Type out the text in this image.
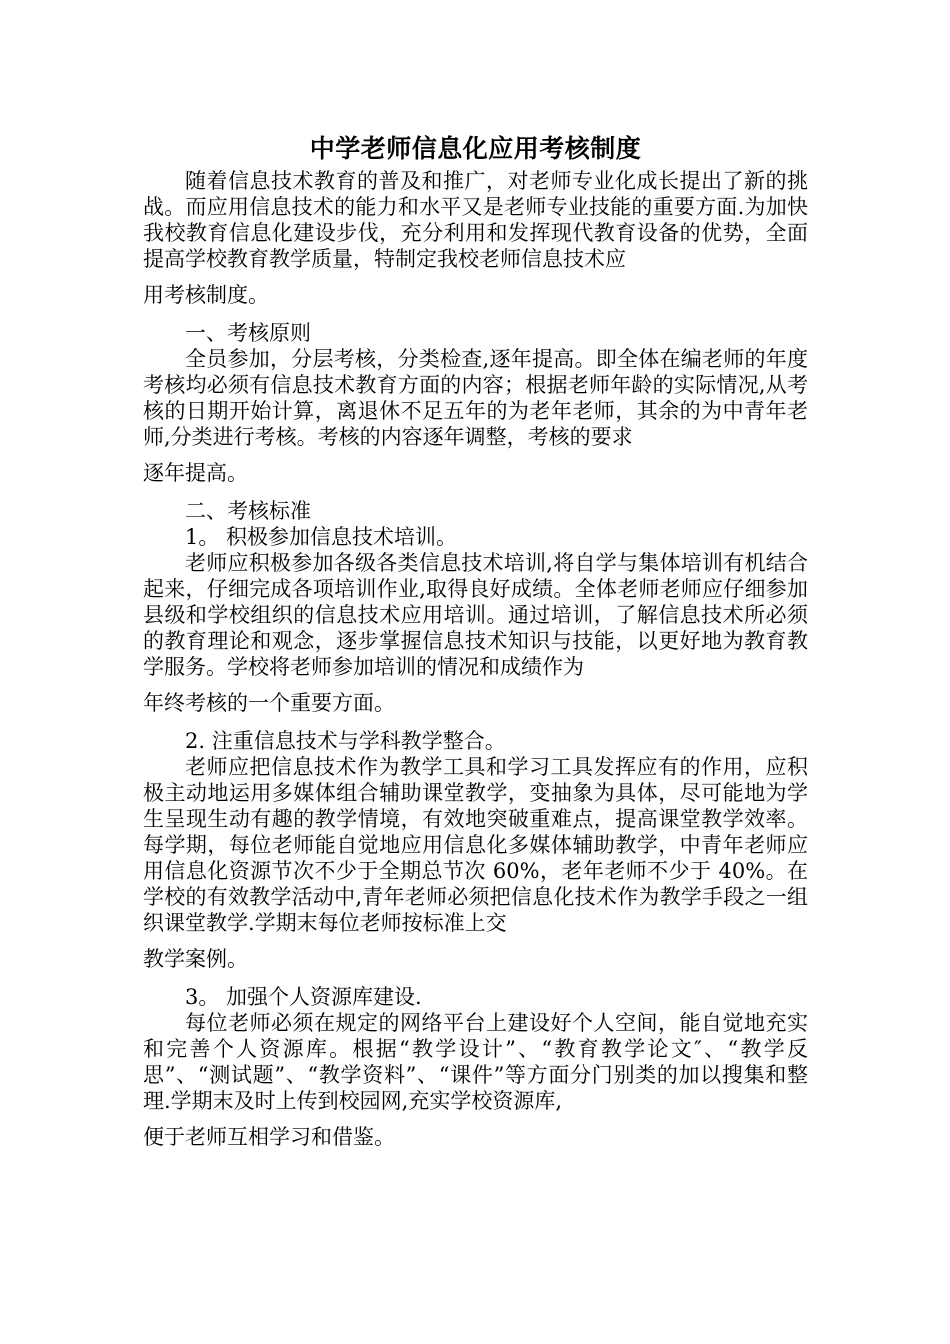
中学老师信息化应用考核制度

随着信息技术教育的普及和推广，对老师专业化成长提出了新的挑战。而应用信息技术的能力和水平又是老师专业技能的重要方面.为加快我校教育信息化建设步伐，充分利用和发挥现代教育设备的优势，全面提高学校教育教学质量，特制定我校老师信息技术应

用考核制度。

一、考核原则

全员参加，分层考核，分类检查,逐年提高。即全体在编老师的年度考核均必须有信息技术教育方面的内容；根据老师年龄的实际情况,从考核的日期开始计算，离退休不足五年的为老年老师，其余的为中青年老师,分类进行考核。考核的内容逐年调整，考核的要求

逐年提高。

二、考核标准

1。 积极参加信息技术培训。

老师应积极参加各级各类信息技术培训,将自学与集体培训有机结合起来，仔细完成各项培训作业,取得良好成绩。全体老师老师应仔细参加县级和学校组织的信息技术应用培训。通过培训，了解信息技术所必须的教育理论和观念，逐步掌握信息技术知识与技能，以更好地为教育教学服务。学校将老师参加培训的情况和成绩作为

年终考核的一个重要方面。

2. 注重信息技术与学科教学整合。

老师应把信息技术作为教学工具和学习工具发挥应有的作用，应积极主动地运用多媒体组合辅助课堂教学，变抽象为具体，尽可能地为学生呈现生动有趣的教学情境，有效地突破重难点，提高课堂教学效率。每学期，每位老师能自觉地应用信息化多媒体辅助教学，中青年老师应用信息化资源节次不少于全期总节次 60%，老年老师不少于 40%。在学校的有效教学活动中,青年老师必须把信息化技术作为教学手段之一组织课堂教学.学期末每位老师按标准上交

教学案例。

3。 加强个人资源库建设.

每位老师必须在规定的网络平台上建设好个人空间，能自觉地充实和完善个人资源库。根据“教学设计”、“教育教学论文″、“教学反思”、“测试题”、“教学资料”、“课件”等方面分门别类的加以搜集和整理.学期末及时上传到校园网,充实学校资源库,

便于老师互相学习和借鉴。
